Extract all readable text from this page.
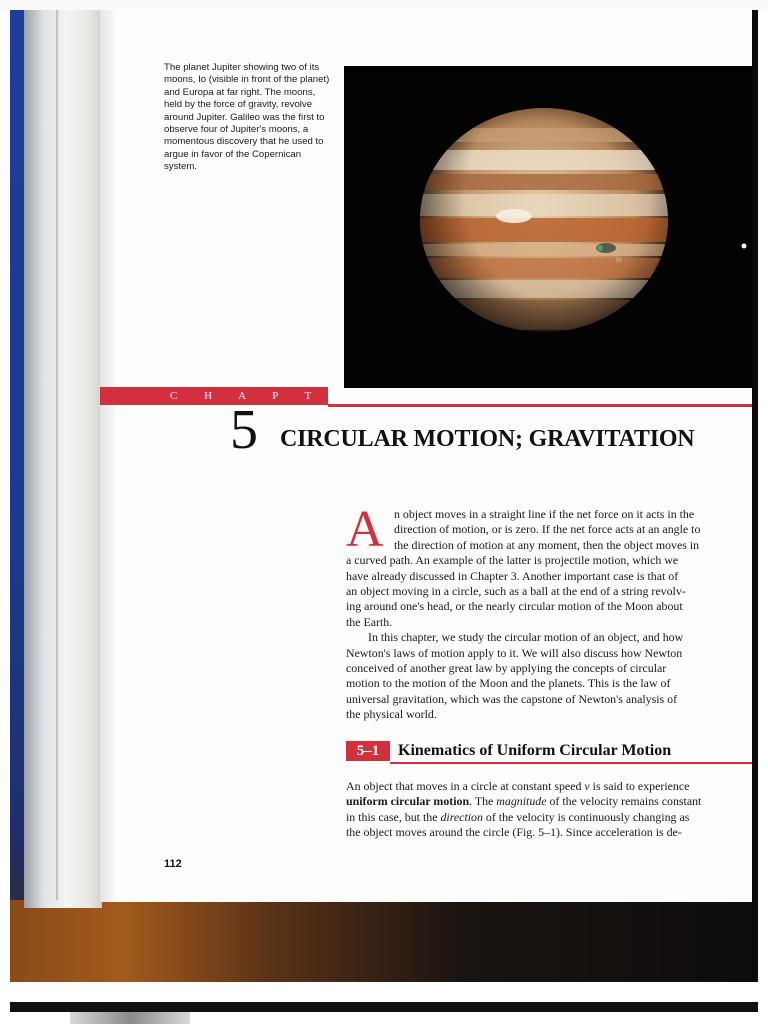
The planet Jupiter showing two of its moons, Io (visible in front of the planet) and Europa at far right. The moons, held by the force of gravity, revolve around Jupiter. Galileo was the first to observe four of Jupiter's moons, a momentous discovery that he used to argue in favor of the Copernican system.
Io
C H A P T E R 5 CIRCULAR MOTION; GRAVITATION
A n object moves in a straight line if the net force on it acts in the
direction of motion, or is zero. If the net force acts at an angle to
the direction of motion at any moment, then the object moves in
a curved path. An example of the latter is projectile motion, which we
have already discussed in Chapter 3. Another important case is that of
an object moving in a circle, such as a ball at the end of a string revolv-
ing around one's head, or the nearly circular motion of the Moon about
the Earth.
In this chapter, we study the circular motion of an object, and how
Newton's laws of motion apply to it. We will also discuss how Newton
conceived of another great law by applying the concepts of circular
motion to the motion of the Moon and the planets. This is the law of
universal gravitation, which was the capstone of Newton's analysis of
the physical world.
5–1	Kinematics of Uniform Circular Motion
An object that moves in a circle at constant speed v is said to experience
uniform circular motion. The magnitude of the velocity remains constant
in this case, but the direction of the velocity is continuously changing as
the object moves around the circle (Fig. 5–1). Since acceleration is de-
112
